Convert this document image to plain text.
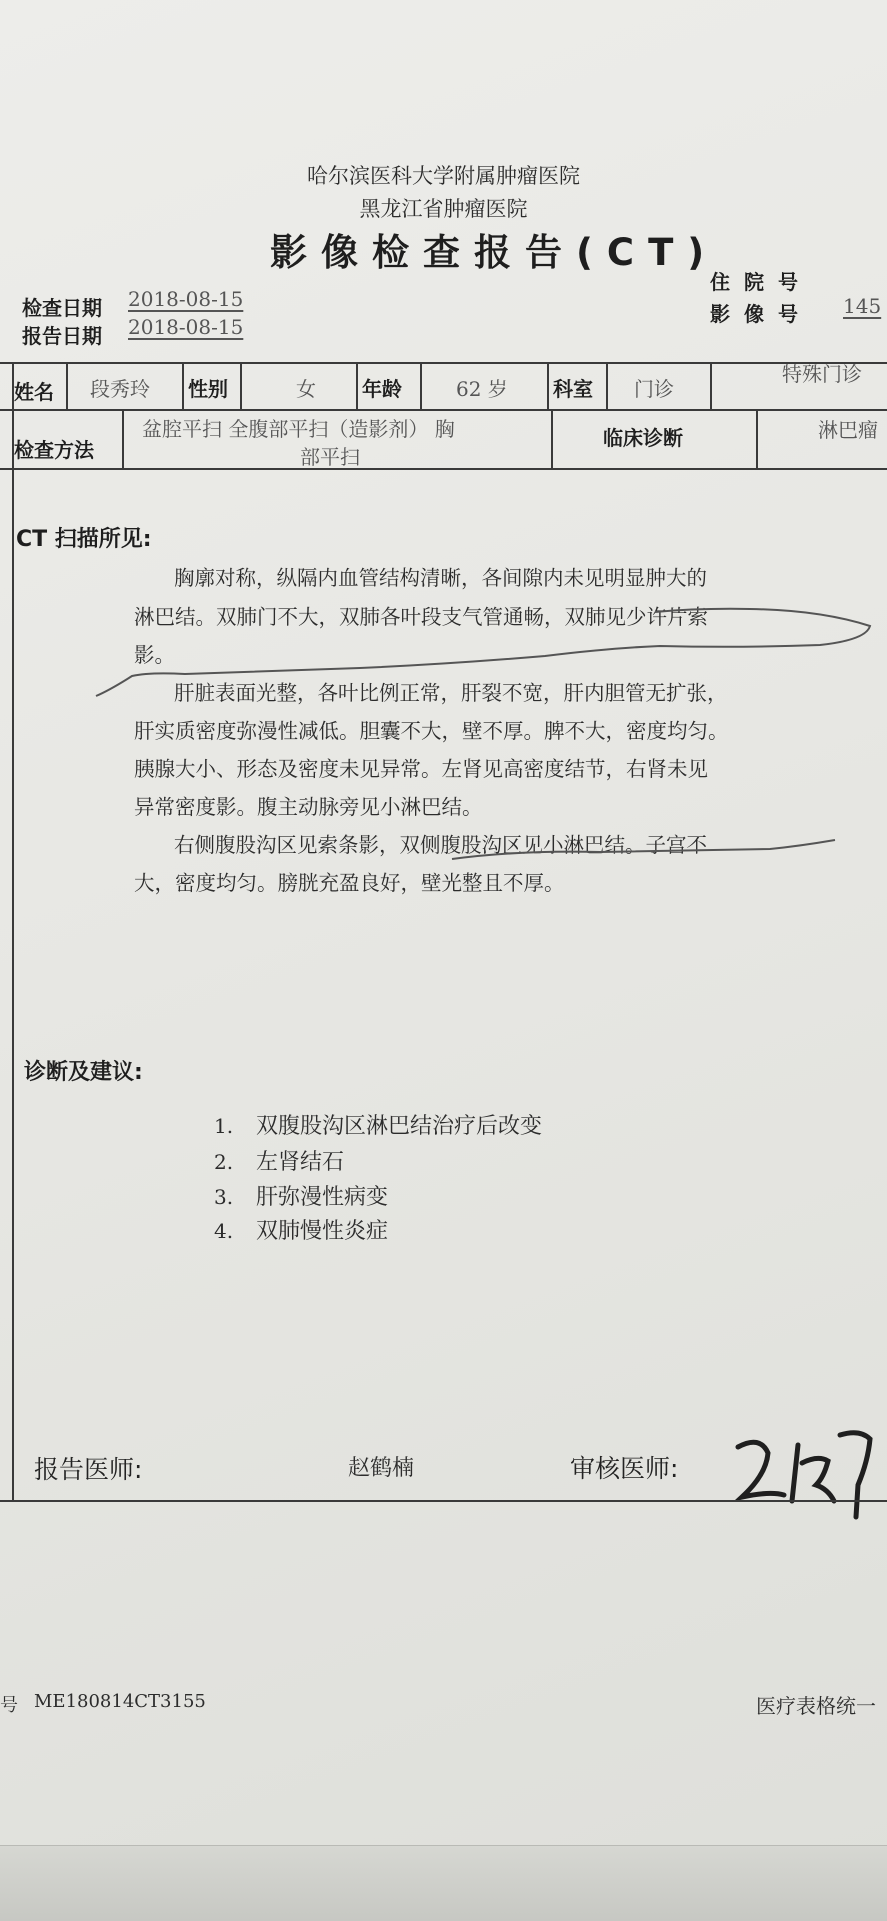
哈尔滨医科大学附属肿瘤医院
黑龙江省肿瘤医院
影像检查报告(CT)
检查日期 2018-08-15
报告日期 2018-08-15
住院号
影像号 145
姓名 段秀玲 性别	女 年龄	62 岁 科室 门诊
特殊门诊
检查方法
盆腔平扫 全腹部平扫（造影剂） 胸
部平扫
临床诊断	淋巴瘤
CT 扫描所见:
胸廓对称，纵隔内血管结构清晰，各间隙内未见明显肿大的
淋巴结。双肺门不大，双肺各叶段支气管通畅，双肺见少许片索
影。
肝脏表面光整，各叶比例正常，肝裂不宽，肝内胆管无扩张，
肝实质密度弥漫性减低。胆囊不大，壁不厚。脾不大，密度均匀。
胰腺大小、形态及密度未见异常。左肾见高密度结节，右肾未见
异常密度影。腹主动脉旁见小淋巴结。
右侧腹股沟区见索条影，双侧腹股沟区见小淋巴结。子宫不
大，密度均匀。膀胱充盈良好，壁光整且不厚。
诊断及建议:
1. 双腹股沟区淋巴结治疗后改变
2. 左肾结石
3. 肝弥漫性病变
4. 双肺慢性炎症
报告医师:	赵鹤楠	审核医师:
号 ME180814CT3155	医疗表格统一
